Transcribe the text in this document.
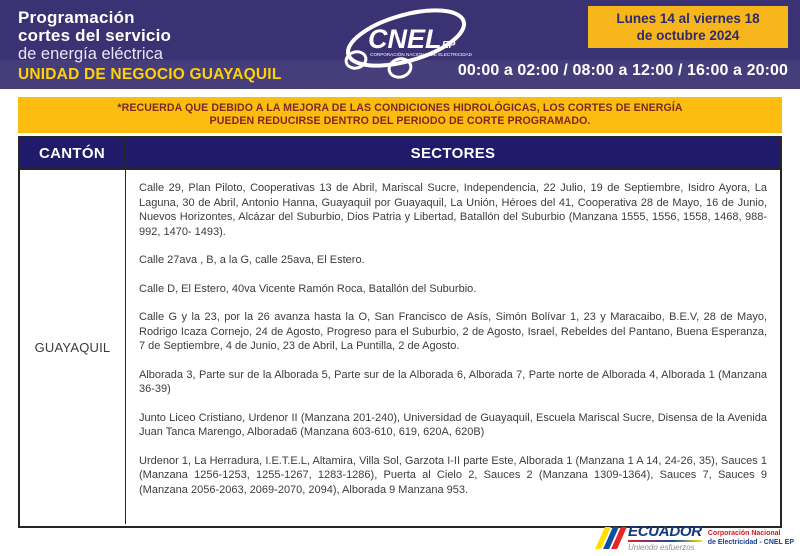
Programación
cortes del servicio
de energía eléctrica
UNIDAD DE NEGOCIO GUAYAQUIL
CNEL EP
CORPORACIÓN NACIONAL DE ELECTRICIDAD
Lunes 14 al viernes 18
de octubre 2024
00:00 a 02:00 / 08:00 a 12:00 / 16:00 a 20:00
*RECUERDA QUE DEBIDO A LA MEJORA DE LAS CONDICIONES HIDROLÓGICAS, LOS CORTES DE ENERGÍA
PUEDEN REDUCIRSE DENTRO DEL PERIODO DE CORTE PROGRAMADO.
CANTÓN	SECTORES
GUAYAQUIL

Calle 29, Plan Piloto, Cooperativas 13 de Abril, Mariscal Sucre, Independencia, 22 Julio, 19 de Septiembre, Isidro Ayora, La Laguna, 30 de Abril, Antonio Hanna, Guayaquil por Guayaquil, La Unión, Héroes del 41, Cooperativa 28 de Mayo, 16 de Junio, Nuevos Horizontes, Alcázar del Suburbio, Dios Patria y Libertad, Batallón del Suburbio (Manzana 1555, 1556, 1558, 1468, 988-992, 1470- 1493).

Calle 27ava , B, a la G, calle 25ava, El Estero.

Calle D, El Estero, 40va Vicente Ramón Roca, Batallón del Suburbio.

Calle G y la 23, por la 26 avanza hasta la O, San Francisco de Asís, Simón Bolívar 1, 23 y Maracaibo, B.E.V, 28 de Mayo, Rodrigo Icaza Cornejo, 24 de Agosto, Progreso para el Suburbio, 2 de Agosto, Israel, Rebeldes del Pantano, Buena Esperanza, 7 de Septiembre, 4 de Junio, 23 de Abril, La Puntilla, 2 de Agosto.

Alborada 3, Parte sur de la Alborada 5, Parte sur de la Alborada 6, Alborada 7, Parte norte de Alborada 4, Alborada 1 (Manzana 36-39)

Junto Liceo Cristiano, Urdenor II (Manzana 201-240), Universidad de Guayaquil, Escuela Mariscal Sucre, Disensa de la Avenida Juan Tanca Marengo, Alborada6 (Manzana 603-610, 619, 620A, 620B)

Urdenor 1, La Herradura, I.E.T.E.L, Altamira, Villa Sol, Garzota I-II parte Este, Alborada 1 (Manzana 1 A 14, 24-26, 35), Sauces 1 (Manzana 1256-1253, 1255-1267, 1283-1286), Puerta al Cielo 2, Sauces 2 (Manzana 1309-1364), Sauces 7, Sauces 9 (Manzana 2056-2063, 2069-2070, 2094), Alborada 9 Manzana 953.

ECUADOR
Uniendo esfuerzos
Corporación Nacional
de Electricidad - CNEL EP
